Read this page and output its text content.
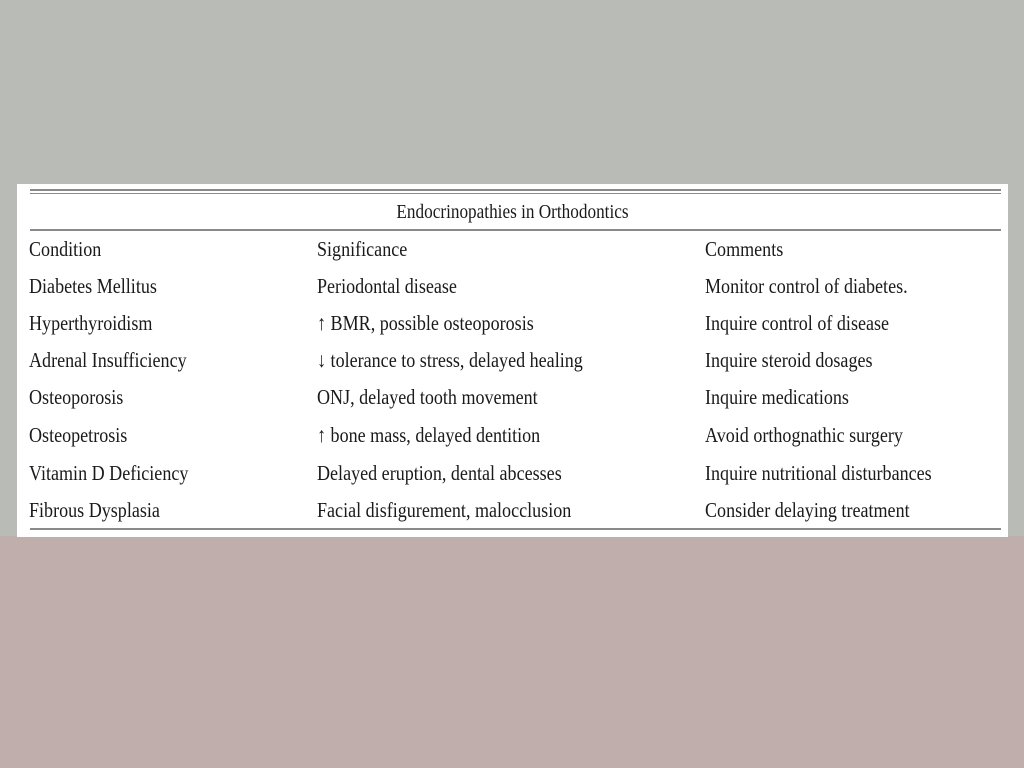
Endocrinopathies in Orthodontics
Condition	Significance	Comments
Diabetes Mellitus	Periodontal disease	Monitor control of diabetes.
Hyperthyroidism	↑ BMR, possible osteoporosis	Inquire control of disease
Adrenal Insufficiency	↓ tolerance to stress, delayed healing	Inquire steroid dosages
Osteoporosis	ONJ, delayed tooth movement	Inquire medications
Osteopetrosis	↑ bone mass, delayed dentition	Avoid orthognathic surgery
Vitamin D Deficiency	Delayed eruption, dental abcesses	Inquire nutritional disturbances
Fibrous Dysplasia	Facial disfigurement, malocclusion	Consider delaying treatment
